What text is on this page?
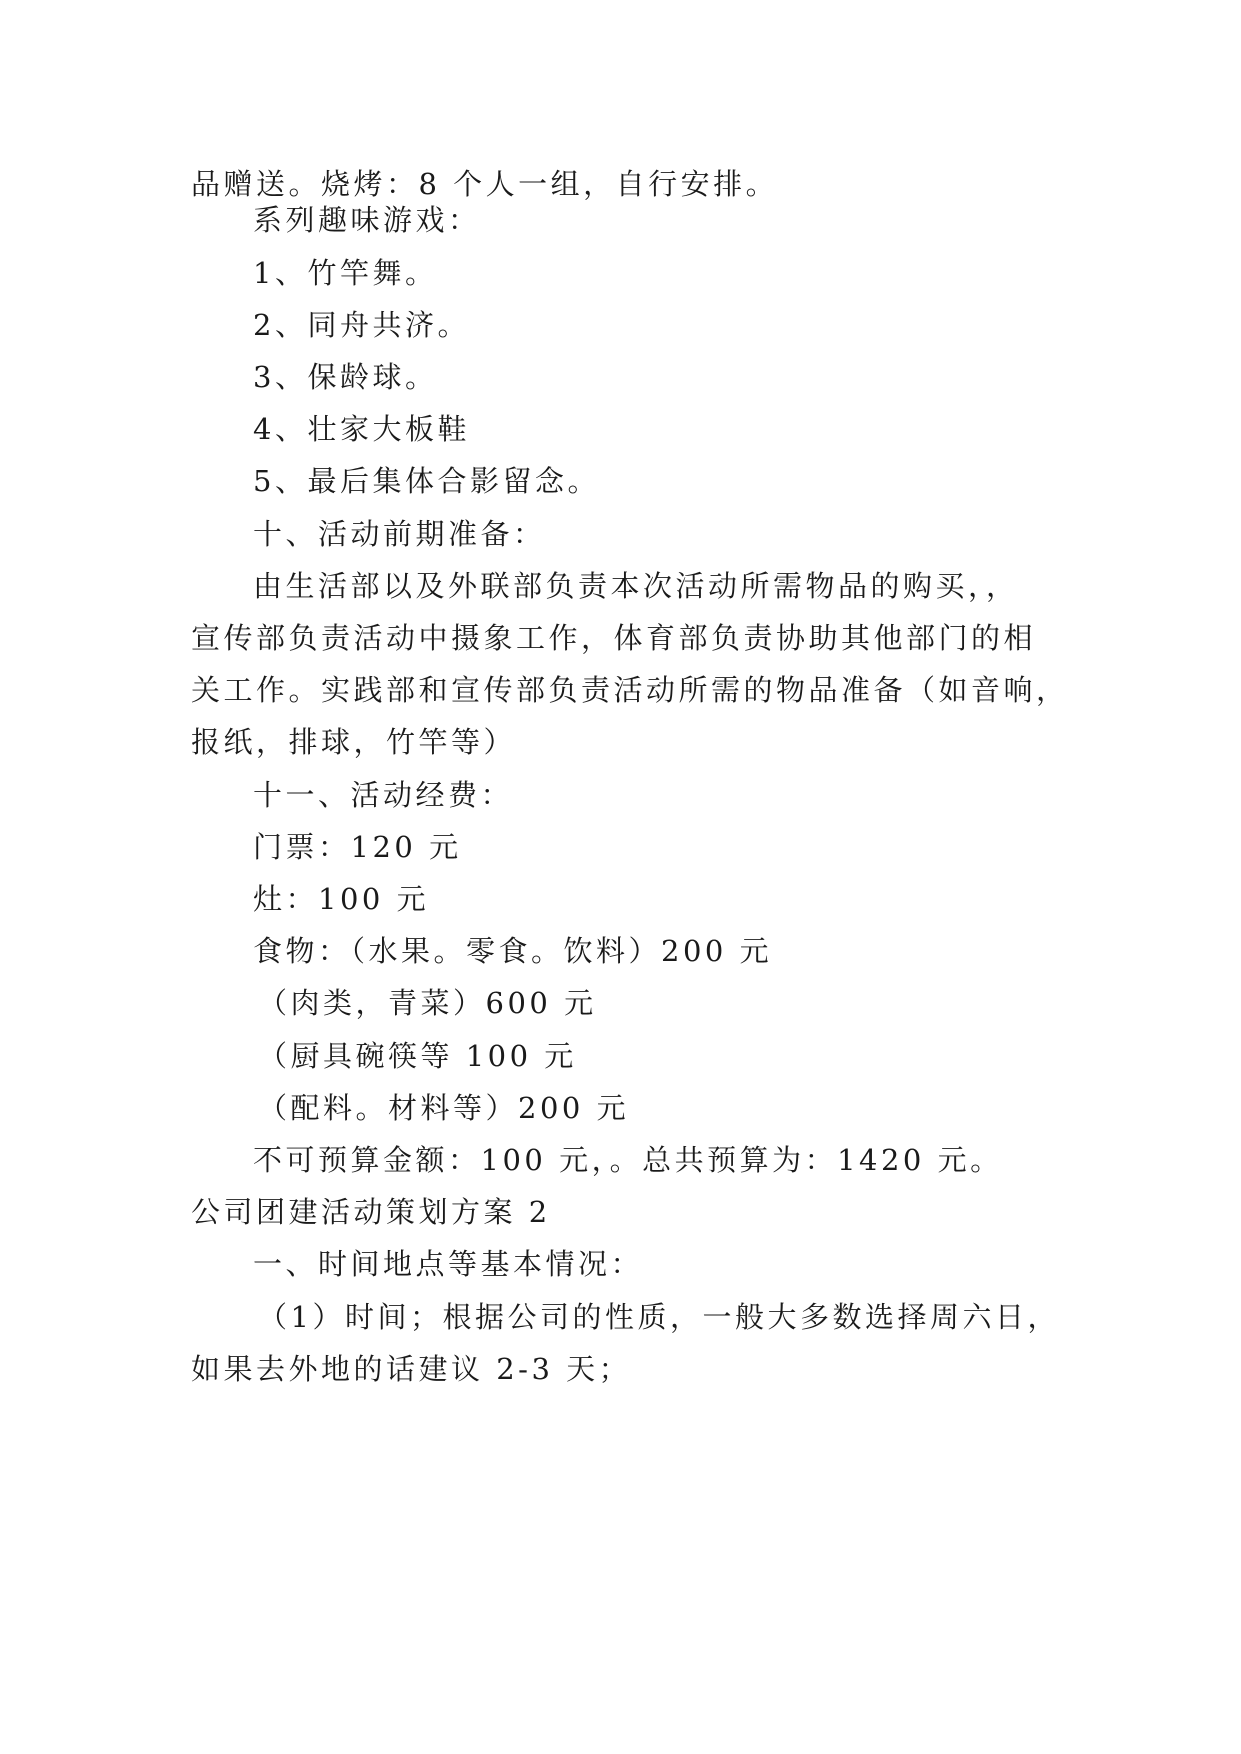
品赠送。烧烤：8 个人一组，自行安排。
系列趣味游戏：
1、竹竿舞。
2、同舟共济。
3、保龄球。
4、壮家大板鞋
5、最后集体合影留念。
十、活动前期准备：
由生活部以及外联部负责本次活动所需物品的购买，，
宣传部负责活动中摄象工作，体育部负责协助其他部门的相
关工作。实践部和宣传部负责活动所需的物品准备（如音响，
报纸，排球，竹竿等）
十一、活动经费：
门票：120 元
灶：100 元
食物：（水果。零食。饮料）200 元
（肉类，青菜）600 元
（厨具碗筷等 100 元
（配料。材料等）200 元
不可预算金额：100 元，。总共预算为：1420 元。
公司团建活动策划方案 2
一、时间地点等基本情况：
（1）时间；根据公司的性质，一般大多数选择周六日，
如果去外地的话建议 2-3 天；
